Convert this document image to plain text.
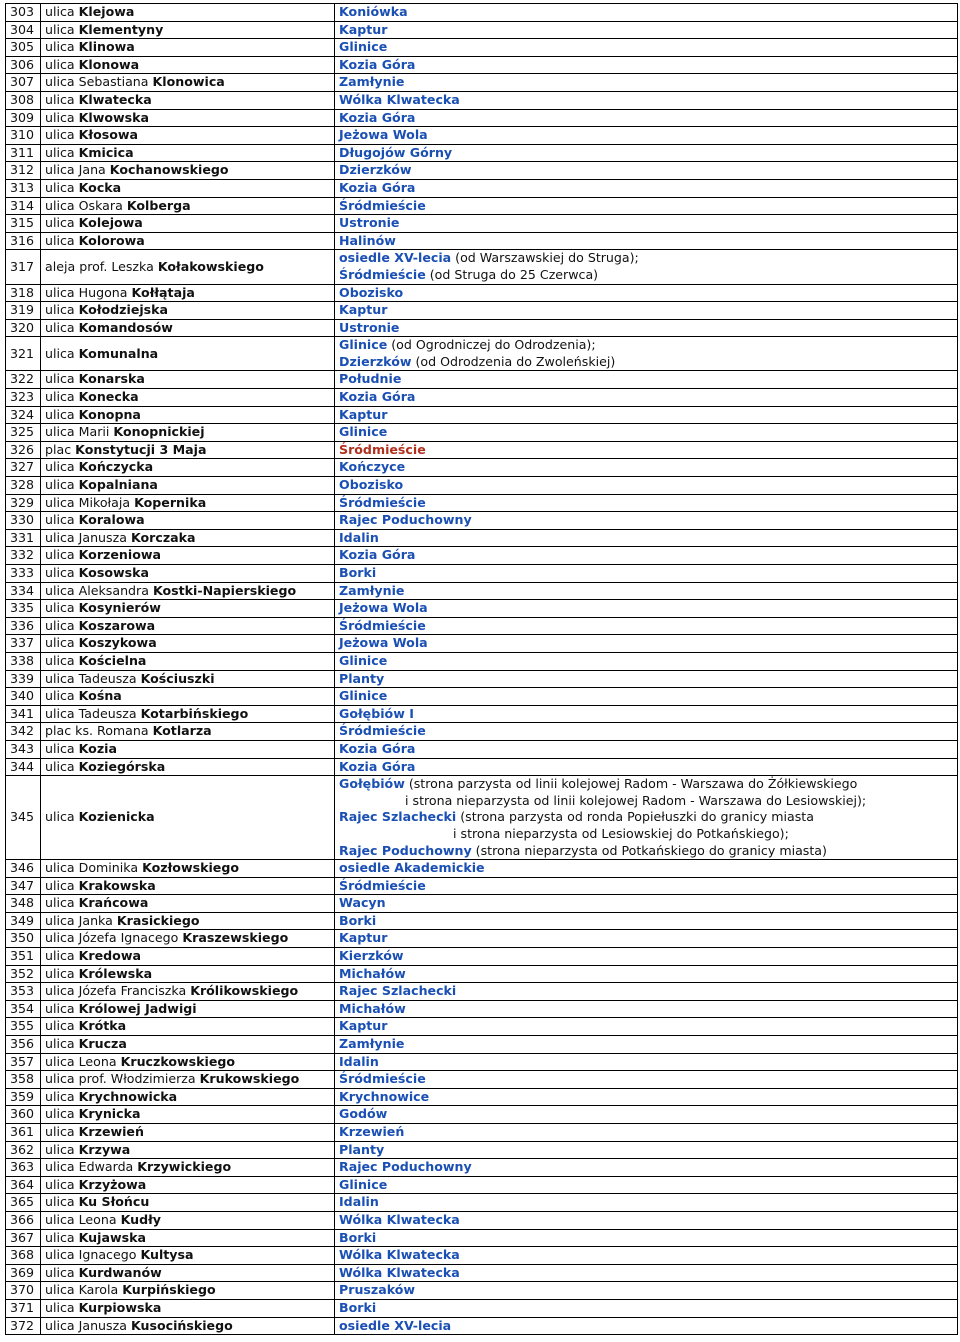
303	ulica Klejowa	Koniówka

304	ulica Klementyny	Kaptur

305	ulica Klinowa	Glinice

306	ulica Klonowa	Kozia Góra

307	ulica Sebastiana Klonowica	Zamłynie

308	ulica Klwatecka	Wólka Klwatecka

309	ulica Klwowska	Kozia Góra

310	ulica Kłosowa	Jeżowa Wola

311	ulica Kmicica	Długojów Górny

312	ulica Jana Kochanowskiego	Dzierzków

313	ulica Kocka	Kozia Góra

314	ulica Oskara Kolberga	Śródmieście

315	ulica Kolejowa	Ustronie

316	ulica Kolorowa	Halinów

317	aleja prof. Leszka Kołakowskiego	osiedle XV-lecia (od Warszawskiej do Struga);
Śródmieście (od Struga do 25 Czerwca)

318	ulica Hugona Kołłątaja	Obozisko

319	ulica Kołodziejska	Kaptur

320	ulica Komandosów	Ustronie

321	ulica Komunalna	Glinice (od Ogrodniczej do Odrodzenia);
Dzierzków (od Odrodzenia do Zwoleńskiej)

322	ulica Konarska	Południe

323	ulica Konecka	Kozia Góra

324	ulica Konopna	Kaptur

325	ulica Marii Konopnickiej	Glinice

326	plac Konstytucji 3 Maja	Śródmieście

327	ulica Kończycka	Kończyce

328	ulica Kopalniana	Obozisko

329	ulica Mikołaja Kopernika	Śródmieście

330	ulica Koralowa	Rajec Poduchowny

331	ulica Janusza Korczaka	Idalin

332	ulica Korzeniowa	Kozia Góra

333	ulica Kosowska	Borki

334	ulica Aleksandra Kostki-Napierskiego	Zamłynie

335	ulica Kosynierów	Jeżowa Wola

336	ulica Koszarowa	Śródmieście

337	ulica Koszykowa	Jeżowa Wola

338	ulica Kościelna	Glinice

339	ulica Tadeusza Kościuszki	Planty

340	ulica Kośna	Glinice

341	ulica Tadeusza Kotarbińskiego	Gołębiów I

342	plac ks. Romana Kotlarza	Śródmieście

343	ulica Kozia	Kozia Góra

344	ulica Koziegórska	Kozia Góra

345	ulica Kozienicka	Gołębiów (strona parzysta od linii kolejowej Radom - Warszawa do Żółkiewskiego
i strona nieparzysta od linii kolejowej Radom - Warszawa do Lesiowskiej);
Rajec Szlachecki (strona parzysta od ronda Popiełuszki do granicy miasta
i strona nieparzysta od Lesiowskiej do Potkańskiego);
Rajec Poduchowny (strona nieparzysta od Potkańskiego do granicy miasta)

346	ulica Dominika Kozłowskiego	osiedle Akademickie

347	ulica Krakowska	Śródmieście

348	ulica Krańcowa	Wacyn

349	ulica Janka Krasickiego	Borki

350	ulica Józefa Ignacego Kraszewskiego	Kaptur

351	ulica Kredowa	Kierzków

352	ulica Królewska	Michałów

353	ulica Józefa Franciszka Królikowskiego	Rajec Szlachecki

354	ulica Królowej Jadwigi	Michałów

355	ulica Krótka	Kaptur

356	ulica Krucza	Zamłynie

357	ulica Leona Kruczkowskiego	Idalin

358	ulica prof. Włodzimierza Krukowskiego	Śródmieście

359	ulica Krychnowicka	Krychnowice

360	ulica Krynicka	Godów

361	ulica Krzewień	Krzewień

362	ulica Krzywa	Planty

363	ulica Edwarda Krzywickiego	Rajec Poduchowny

364	ulica Krzyżowa	Glinice

365	ulica Ku Słońcu	Idalin

366	ulica Leona Kudły	Wólka Klwatecka

367	ulica Kujawska	Borki

368	ulica Ignacego Kultysa	Wólka Klwatecka

369	ulica Kurdwanów	Wólka Klwatecka

370	ulica Karola Kurpińskiego	Pruszaków

371	ulica Kurpiowska	Borki

372	ulica Janusza Kusocińskiego	osiedle XV-lecia
